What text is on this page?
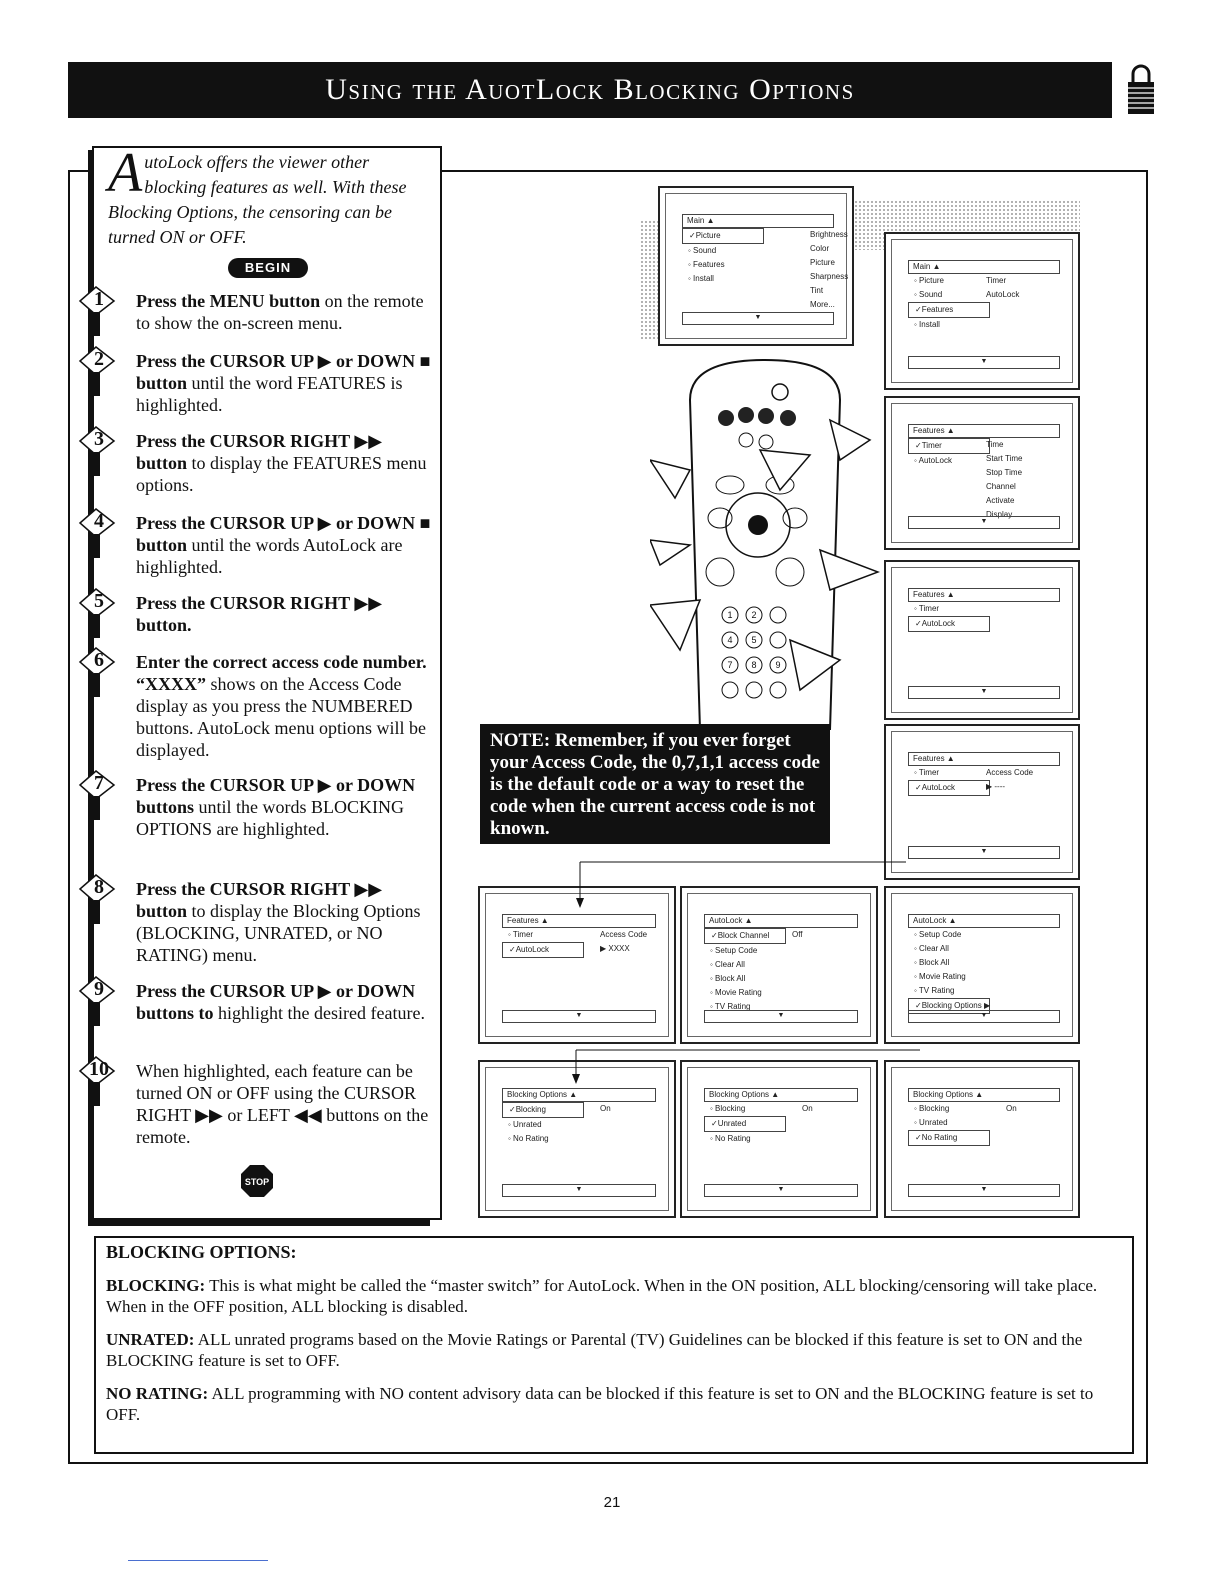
Using the AuotLock Blocking Options
AutoLock offers the viewer other blocking features as well. With these Blocking Options, the censoring can be turned ON or OFF.
BEGIN
1	Press the MENU button on the remote to show the on-screen menu.

2	Press the CURSOR UP ▶ or DOWN ■ button until the word FEATURES is highlighted.

3	Press the CURSOR RIGHT ▶▶ button to display the FEATURES menu options.

4	Press the CURSOR UP ▶ or DOWN ■ button until the words AutoLock are highlighted.

5	Press the CURSOR RIGHT ▶▶ button.

6	Enter the correct access code number. “XXXX” shows on the Access Code display as you press the NUMBERED buttons. AutoLock menu options will be displayed.

7	Press the CURSOR UP ▶ or DOWN buttons until the words BLOCKING OPTIONS are highlighted.

8	Press the CURSOR RIGHT ▶▶ button to display the Blocking Options (BLOCKING, UNRATED, or NO RATING) menu.

9	Press the CURSOR UP ▶ or DOWN buttons to highlight the desired feature.

10	When highlighted, each feature can be turned ON or OFF using the CURSOR RIGHT ▶▶ or LEFT ◀◀ buttons on the remote.

STOP
Main ▲
✓Picture
◦ Sound
◦ Features
◦ Install
Brightness
Color
Picture
Sharpness
Tint
More...
▼
Main ▲
◦ Picture
◦ Sound
✓Features
◦ Install
Timer
AutoLock
▼
Features ▲
✓Timer
◦ AutoLock
Time
Start Time
Stop Time
Channel
Activate
Display
▼
Features ▲
◦ Timer
✓AutoLock
▼
Features ▲
◦ Timer
✓AutoLock
Access Code
▶ ----
▼
Features ▲
◦ Timer
✓AutoLock
Access Code
▶ XXXX
▼
AutoLock ▲
✓Block Channel
◦ Setup Code
◦ Clear All
◦ Block All
◦ Movie Rating
◦ TV Rating
Off
▼
AutoLock ▲
◦ Setup Code
◦ Clear All
◦ Block All
◦ Movie Rating
◦ TV Rating
✓Blocking Options ▶
▼
Blocking Options ▲
✓Blocking
◦ Unrated
◦ No Rating
On
▼
Blocking Options ▲
◦ Blocking
✓Unrated
◦ No Rating
On
▼
Blocking Options ▲
◦ Blocking
◦ Unrated
✓No Rating
On
▼
4 5
7 8 9
1 2
NOTE: Remember, if you ever forget your Access Code, the 0,7,1,1 access code is the default code or a way to reset the code when the current access code is not known.
BLOCKING OPTIONS:

BLOCKING: This is what might be called the “master switch” for AutoLock. When in the ON position, ALL blocking/censoring will take place. When in the OFF position, ALL blocking is disabled.

UNRATED: ALL unrated programs based on the Movie Ratings or Parental (TV) Guidelines can be blocked if this feature is set to ON and the BLOCKING feature is set to OFF.

NO RATING: ALL programming with NO content advisory data can be blocked if this feature is set to ON and the BLOCKING feature is set to OFF.

21
